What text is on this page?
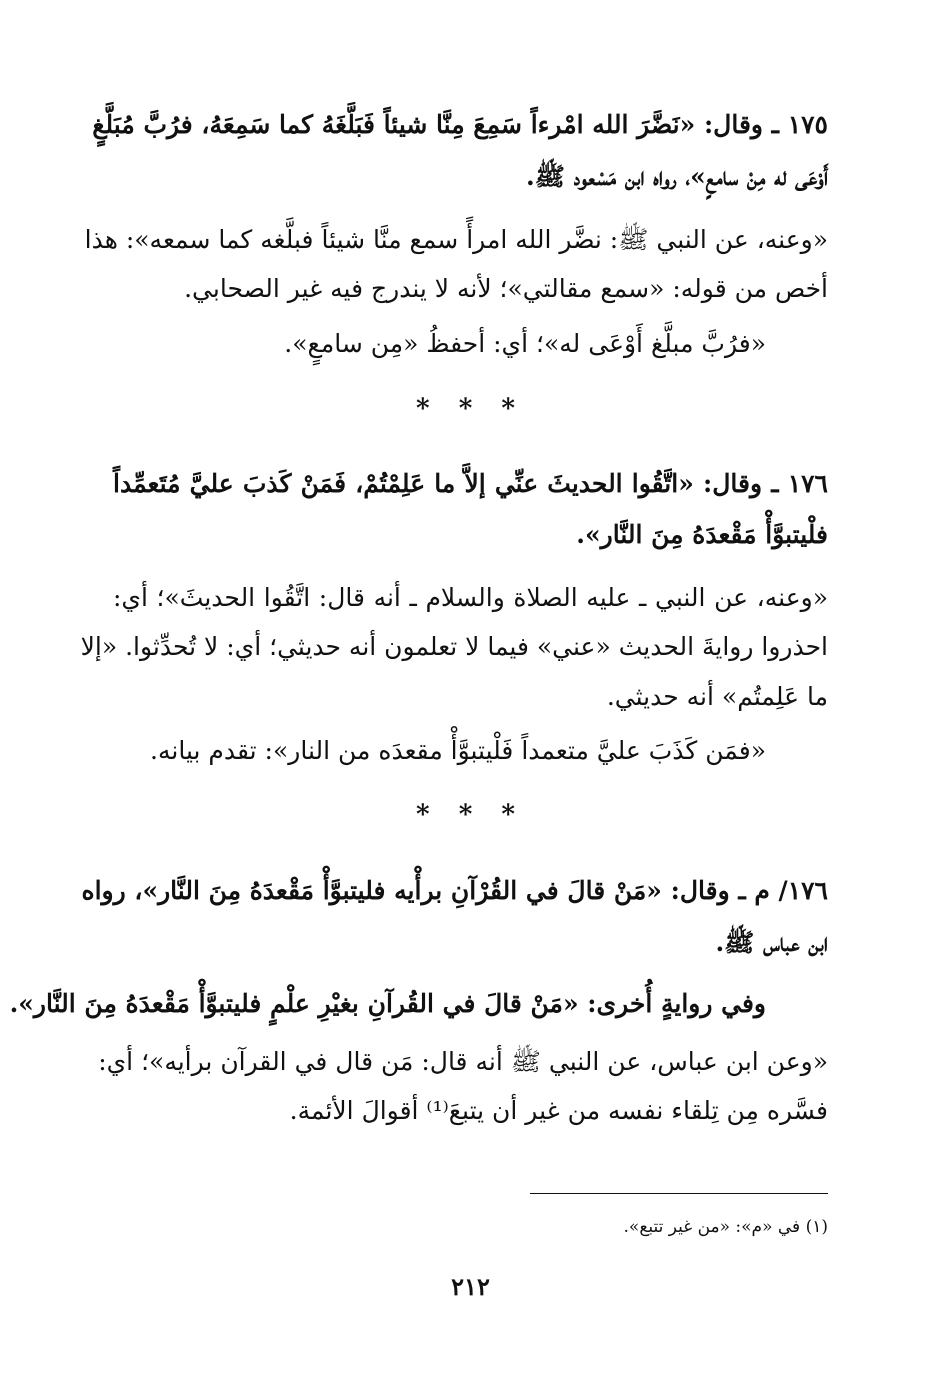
١٧٥ ـ وقال: «نَضَّرَ الله امْرءاً سَمِعَ مِنَّا شيئاً فَبَلَّغَهُ كما سَمِعَهُ، فرُبَّ مُبَلَّغٍ
أَوْعَى له مِنْ سامعٍ»، رواه ابن مَسْعود ﷺ.
«وعنه، عن النبي ﷺ: نضَّر الله امرأً سمع منَّا شيئاً فبلَّغه كما سمعه»: هذا
أخص من قوله: «سمع مقالتي»؛ لأنه لا يندرج فيه غير الصحابي.
«فرُبَّ مبلَّغ أَوْعَى له»؛ أي: أحفظُ «مِن سامعٍ».
* * *
١٧٦ ـ وقال: «اتَّقُوا الحديثَ عنِّي إلاَّ ما عَلِمْتُمْ، فَمَنْ كَذبَ عليَّ مُتَعمِّداً
فلْيتبوَّأْ مَقْعدَهُ مِنَ النَّار».
«وعنه، عن النبي ـ عليه الصلاة والسلام ـ أنه قال: اتَّقُوا الحديثَ»؛ أي:
احذروا روايةَ الحديث «عني» فيما لا تعلمون أنه حديثي؛ أي: لا تُحدِّثوا. «إلا
ما عَلِمتُم» أنه حديثي.
«فمَن كَذَبَ عليَّ متعمداً فَلْيتبوَّأْ مقعدَه من النار»: تقدم بيانه.
* * *
١٧٦/ م ـ وقال: «مَنْ قالَ في القُرْآنِ برأْيه فليتبوَّأْ مَقْعدَهُ مِنَ النَّار»، رواه
ابن عباس ﷺ.
وفي روايةٍ أُخرى: «مَنْ قالَ في القُرآنِ بغيْرِ علْمٍ فليتبوَّأْ مَقْعدَهُ مِنَ النَّار».
«وعن ابن عباس، عن النبي ﷺ أنه قال: مَن قال في القرآن برأيه»؛ أي:
فسَّره مِن تِلقاء نفسه من غير أن يتبعَ⁽¹⁾ أقوالَ الأئمة.
(١) في «م»: «من غير تتبع».
٢١٢
